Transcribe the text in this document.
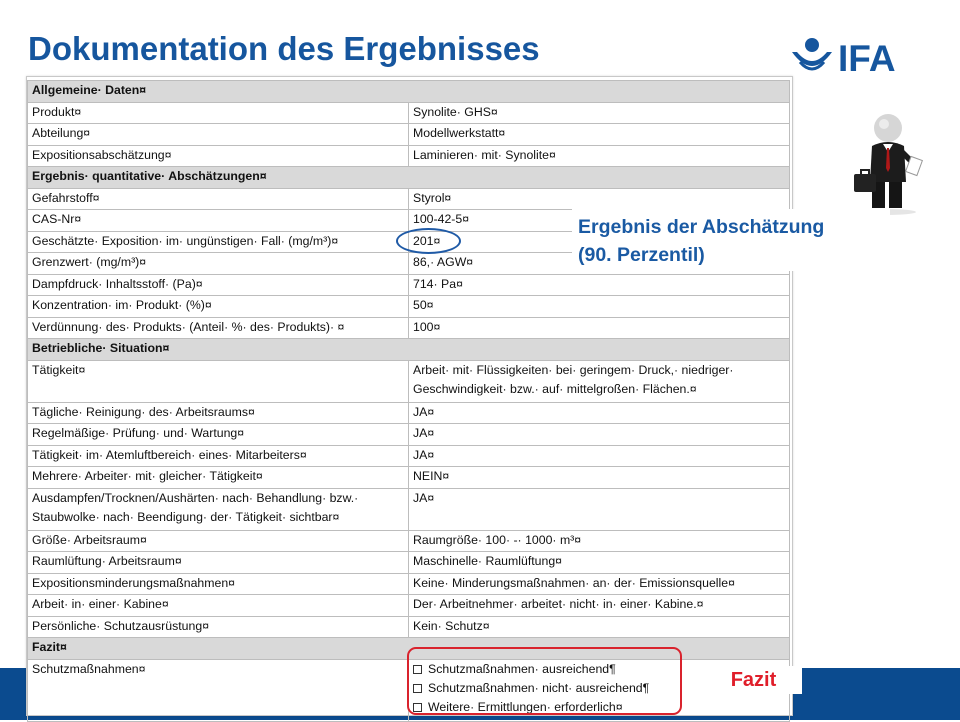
Dokumentation des Ergebnisses	IFA
Allgemeine· Daten¤	
Produkt¤	Synolite· GHS¤
Abteilung¤	Modellwerkstatt¤
Expositionsabschätzung¤	Laminieren· mit· Synolite¤
Ergebnis· quantitative· Abschätzungen¤	
Gefahrstoff¤	Styrol¤
CAS-Nr¤	100-42-5¤
Geschätzte· Exposition· im· ungünstigen· Fall· (mg/m³)¤	201¤
Grenzwert· (mg/m³)¤	86,· AGW¤
Dampfdruck· Inhaltsstoff· (Pa)¤	714· Pa¤
Konzentration· im· Produkt· (%)¤	50¤
Verdünnung· des· Produkts· (Anteil· %· des· Produkts)· ¤	100¤
Betriebliche· Situation¤	
Tätigkeit¤	Arbeit· mit· Flüssigkeiten· bei· geringem· Druck,· niedriger·
Geschwindigkeit· bzw.· auf· mittelgroßen· Flächen.¤

Tägliche· Reinigung· des· Arbeitsraums¤	JA¤
Regelmäßige· Prüfung· und· Wartung¤	JA¤
Tätigkeit· im· Atemluftbereich· eines· Mitarbeiters¤	JA¤
Mehrere· Arbeiter· mit· gleicher· Tätigkeit¤	NEIN¤

Ausdampfen/Trocknen/Aushärten· nach· Behandlung· bzw.·
Staubwolke· nach· Beendigung· der· Tätigkeit· sichtbar¤	JA¤
Größe· Arbeitsraum¤	Raumgröße· 100· -· 1000· m³¤
Raumlüftung· Arbeitsraum¤	Maschinelle· Raumlüftung¤
Expositionsminderungsmaßnahmen¤	Keine· Minderungsmaßnahmen· an· der· Emissionsquelle¤
Arbeit· in· einer· Kabine¤	Der· Arbeitnehmer· arbeitet· nicht· in· einer· Kabine.¤
Persönliche· Schutzausrüstung¤	Kein· Schutz¤
Fazit¤	
Schutzmaßnahmen¤	Schutzmaßnahmen· ausreichend¶
Schutzmaßnahmen· nicht· ausreichend¶
Weitere· Ermittlungen· erforderlich¤
Ergebnis der Abschätzung
(90. Perzentil)
Fazit
